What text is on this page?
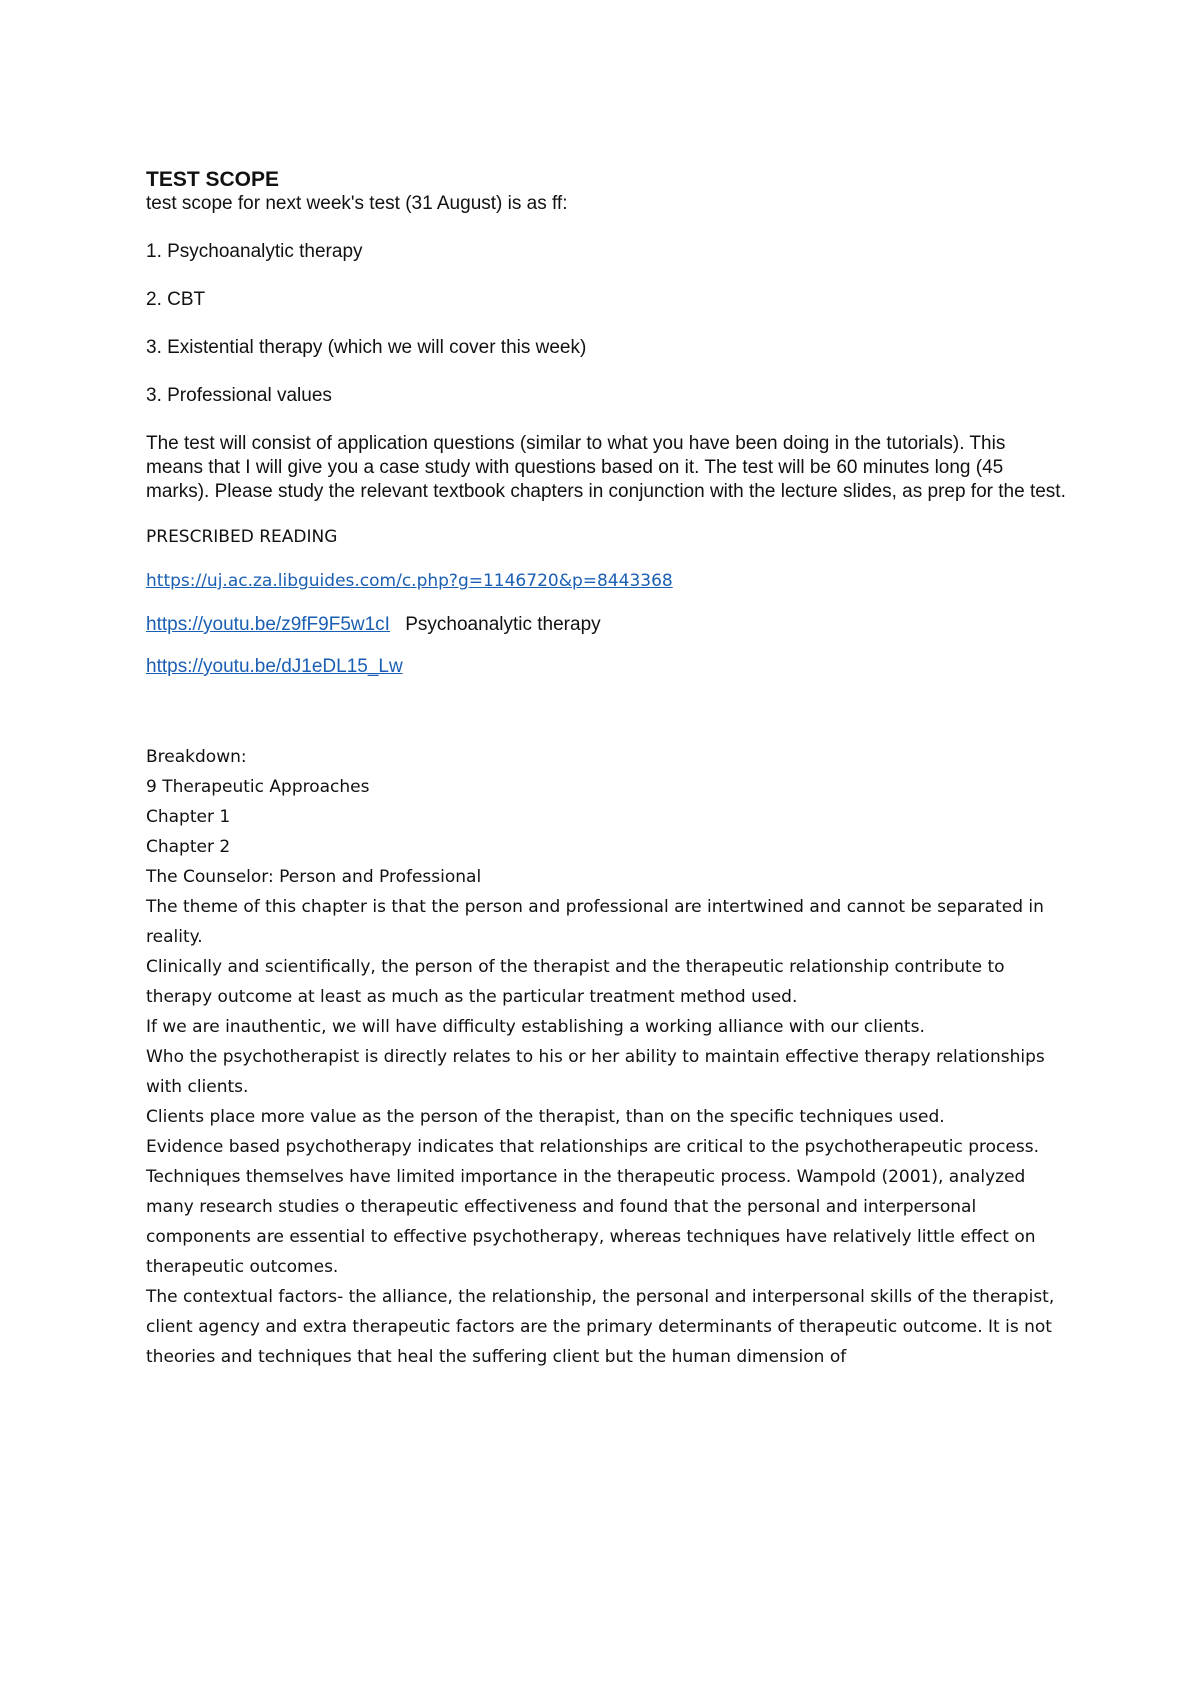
TEST SCOPE

test scope for next week's test (31 August) is as ff:

1. Psychoanalytic therapy

2. CBT

3. Existential therapy (which we will cover this week)

3. Professional values

The test will consist of application questions (similar to what you have been doing in the tutorials). This means that I will give you a case study with questions based on it. The test will be 60 minutes long (45 marks). Please study the relevant textbook chapters in conjunction with the lecture slides, as prep for the test.

PRESCRIBED READING

https://uj.ac.za.libguides.com/c.php?g=1146720&p=8443368
https://youtu.be/z9fF9F5w1cI Psychoanalytic therapy
https://youtu.be/dJ1eDL15_Lw

Breakdown:

9 Therapeutic Approaches

Chapter 1

Chapter 2

The Counselor: Person and Professional

The theme of this chapter is that the person and professional are intertwined and cannot be separated in reality.

Clinically and scientifically, the person of the therapist and the therapeutic relationship contribute to therapy outcome at least as much as the particular treatment method used.

If we are inauthentic, we will have difficulty establishing a working alliance with our clients.

Who the psychotherapist is directly relates to his or her ability to maintain effective therapy relationships with clients.

Clients place more value as the person of the therapist, than on the specific techniques used.

Evidence based psychotherapy indicates that relationships are critical to the psychotherapeutic process. Techniques themselves have limited importance in the therapeutic process. Wampold (2001), analyzed many research studies o therapeutic effectiveness and found that the personal and interpersonal components are essential to effective psychotherapy, whereas techniques have relatively little effect on therapeutic outcomes.

The contextual factors- the alliance, the relationship, the personal and interpersonal skills of the therapist, client agency and extra therapeutic factors are the primary determinants of therapeutic outcome. It is not theories and techniques that heal the suffering client but the human dimension of
